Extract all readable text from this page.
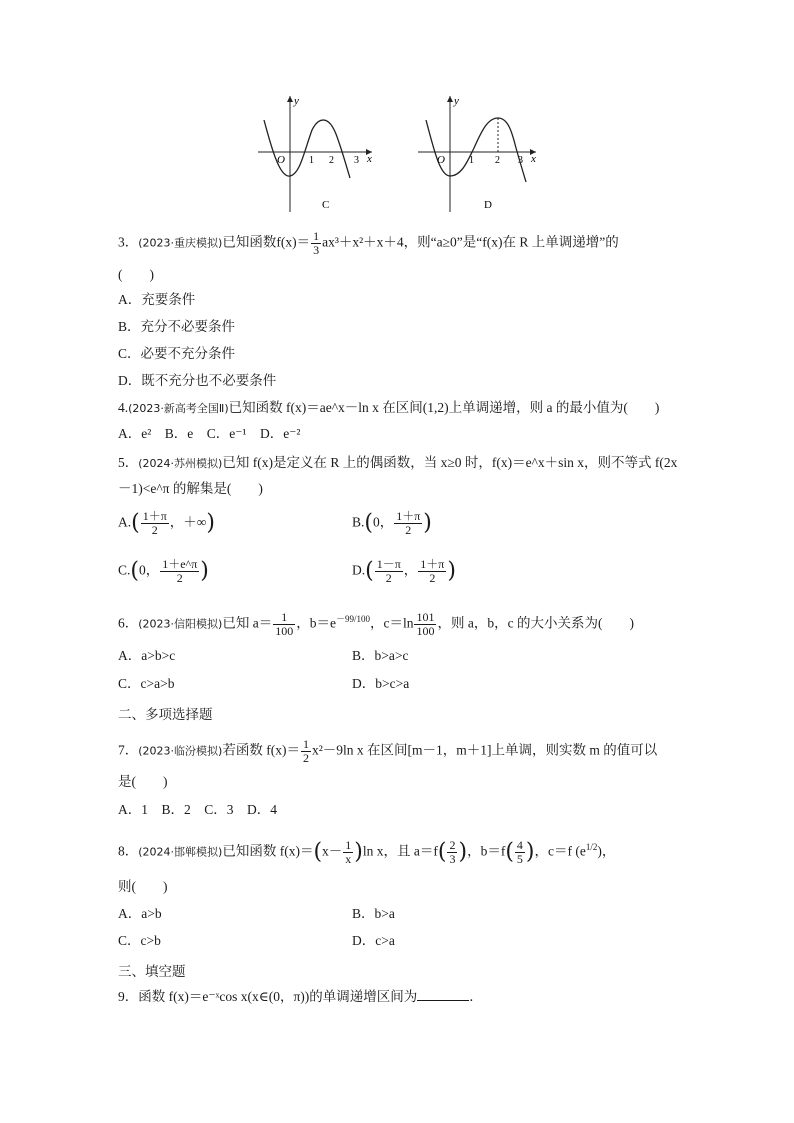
y
x
O 1 2 3
y
x
O 1 2 3
C	D
3．(2023·重庆模拟)已知函数$f(x)= \frac{1}{3} ax^3+x^2+x+4$，则“a≥0”是“f(x)在 R 上单调递增”的
(　　)
A．充要条件
B．充分不必要条件
C．必要不充分条件
D．既不充分也不必要条件
4.(2023·新高考全国Ⅱ)已知函数 f(x)＝ae^x－ln x 在区间(1,2)上单调递增，则 a 的最小值为(　　)
A．e²　B．e　C．e⁻¹　D．e⁻²
5．(2024·苏州模拟)已知 f(x)是定义在 R 上的偶函数，当 x≥0 时，f(x)＝e^x＋sin x，则不等式 f(2x
－1)<e^π 的解集是(　　)
$A.( \frac{1+\pi}{2}$ ，＋∞)	B.(0， $\frac{1+\pi}{2}$ )
C.(0， $\frac{1+e\^{}\pi}{2}$ )	$D.( \frac{1-\pi}{2}$ ， $\frac{1+\pi}{2}$ )
6．(2023·信阳模拟)已知 $a= \frac{1}{100}$ ，$b=e^{-99/100}$，$c=\ln \frac{101}{100}$ ，则 a，b，c 的大小关系为(　　)
A．a>b>c	B．b>a>c
C．c>a>b	D．b>c>a
二、多项选择题
7．(2023·临汾模拟)若函数 $f(x)= \frac{1}{2} x^2-9\ln$ x 在区间[m－1，m＋1]上单调，则实数 m 的值可以
是(　　)
A．1　B．2　C．3　D．4
8．(2024·邯郸模拟)已知函数 $f(x)=(x- \frac{1}{x} )\ln$ x，且 $a=f( \frac{2}{3}$ )，$b=f( \frac{4}{5}$ )，c＝f $(e^{1/2})$，
则(　　)
A．a>b	B．b>a
C．c>b	D．c>a
三、填空题
9．函数 f(x)＝e⁻ˣcos x(x∈(0，π))的单调递增区间为	．
